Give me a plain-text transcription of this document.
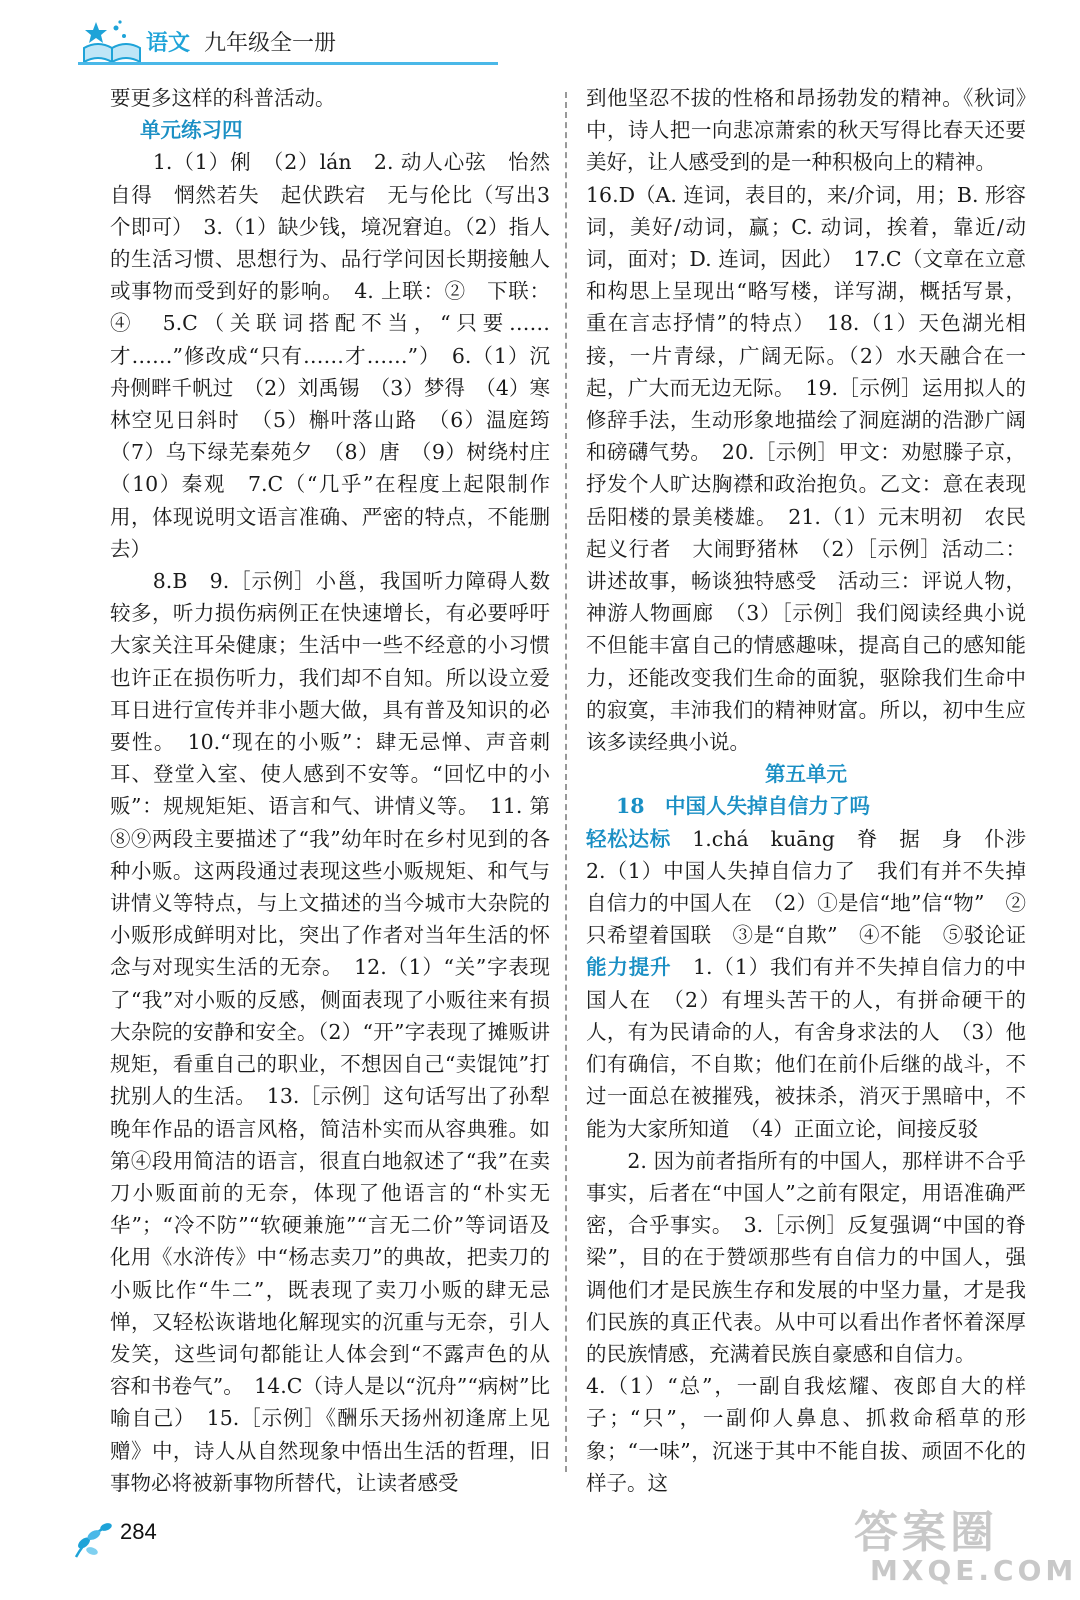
语文 九年级全一册

要更多这样的科普活动。

单元练习四

　　1.（1）俐　（2）lán　2. 动人心弦　怡然自得　惘然若失　起伏跌宕　无与伦比（写出3个即可）　3.（1）缺少钱，境况窘迫。（2）指人的生活习惯、思想行为、品行学问因长期接触人或事物而受到好的影响。　4. 上联：②　下联：④　5.C（关联词搭配不当，“只要……才……”修改成“只有……才……”）　6.（1）沉舟侧畔千帆过　（2）刘禹锡　（3）梦得　（4）寒林空见日斜时　（5）槲叶落山路　（6）温庭筠　（7）乌下绿芜秦苑夕　（8）唐　（9）树绕村庄　（10）秦观　7.C（“几乎”在程度上起限制作用，体现说明文语言准确、严密的特点，不能删去）

　　8.B　9.［示例］小邕，我国听力障碍人数较多，听力损伤病例正在快速增长，有必要呼吁大家关注耳朵健康；生活中一些不经意的小习惯也许正在损伤听力，我们却不自知。所以设立爱耳日进行宣传并非小题大做，具有普及知识的必要性。　10.“现在的小贩”：肆无忌惮、声音刺耳、登堂入室、使人感到不安等。“回忆中的小贩”：规规矩矩、语言和气、讲情义等。　11. 第⑧⑨两段主要描述了“我”幼年时在乡村见到的各种小贩。这两段通过表现这些小贩规矩、和气与讲情义等特点，与上文描述的当今城市大杂院的小贩形成鲜明对比，突出了作者对当年生活的怀念与对现实生活的无奈。　12.（1）“关”字表现了“我”对小贩的反感，侧面表现了小贩往来有损大杂院的安静和安全。（2）“开”字表现了摊贩讲规矩，看重自己的职业，不想因自己“卖馄饨”打扰别人的生活。　13.［示例］这句话写出了孙犁晚年作品的语言风格，简洁朴实而从容典雅。如第④段用简洁的语言，很直白地叙述了“我”在卖刀小贩面前的无奈，体现了他语言的“朴实无华”；“冷不防”“软硬兼施”“言无二价”等词语及化用《水浒传》中“杨志卖刀”的典故，把卖刀的小贩比作“牛二”，既表现了卖刀小贩的肆无忌惮，又轻松诙谐地化解现实的沉重与无奈，引人发笑，这些词句都能让人体会到“不露声色的从容和书卷气”。　14.C（诗人是以“沉舟”“病树”比喻自己）　15.［示例］《酬乐天扬州初逢席上见赠》中，诗人从自然现象中悟出生活的哲理，旧事物必将被新事物所替代，让读者感受

到他坚忍不拔的性格和昂扬勃发的精神。《秋词》中，诗人把一向悲凉萧索的秋天写得比春天还要美好，让人感受到的是一种积极向上的精神。

16.D（A. 连词，表目的，来/介词，用；B. 形容词，美好/动词，赢；C. 动词，挨着，靠近/动词，面对；D. 连词，因此）　17.C（文章在立意和构思上呈现出“略写楼，详写湖，概括写景，重在言志抒情”的特点）　18.（1）天色湖光相接，一片青绿，广阔无际。（2）水天融合在一起，广大而无边无际。　19.［示例］运用拟人的修辞手法，生动形象地描绘了洞庭湖的浩渺广阔和磅礴气势。　20.［示例］甲文：劝慰滕子京，抒发个人旷达胸襟和政治抱负。乙文：意在表现岳阳楼的景美楼雄。　21.（1）元末明初　农民起义行者　大闹野猪林　（2）［示例］活动二：讲述故事，畅谈独特感受　活动三：评说人物，神游人物画廊　（3）［示例］我们阅读经典小说不但能丰富自己的情感趣味，提高自己的感知能力，还能改变我们生命的面貌，驱除我们生命中的寂寞，丰沛我们的精神财富。所以，初中生应该多读经典小说。

第五单元

18　中国人失掉自信力了吗

轻松达标　1.chá　kuāng　脊　据　身　仆涉　2.（1）中国人失掉自信力了　我们有并不失掉自信力的中国人在　（2）①是信“地”信“物”　②只希望着国联　③是“自欺”　④不能　⑤驳论证　能力提升　1.（1）我们有并不失掉自信力的中国人在　（2）有埋头苦干的人，有拼命硬干的人，有为民请命的人，有舍身求法的人　（3）他们有确信，不自欺；他们在前仆后继的战斗，不过一面总在被摧残，被抹杀，消灭于黑暗中，不能为大家所知道　（4）正面立论，间接反驳

　　2. 因为前者指所有的中国人，那样讲不合乎事实，后者在“中国人”之前有限定，用语准确严密，合乎事实。　3.［示例］反复强调“中国的脊梁”，目的在于赞颂那些有自信力的中国人，强调他们才是民族生存和发展的中坚力量，才是我们民族的真正代表。从中可以看出作者怀着深厚的民族情感，充满着民族自豪感和自信力。

4.（1）“总”，一副自我炫耀、夜郎自大的样子；“只”，一副仰人鼻息、抓救命稻草的形象；“一味”，沉迷于其中不能自拔、顽固不化的样子。这

284	答案圈
MXQE.COM
